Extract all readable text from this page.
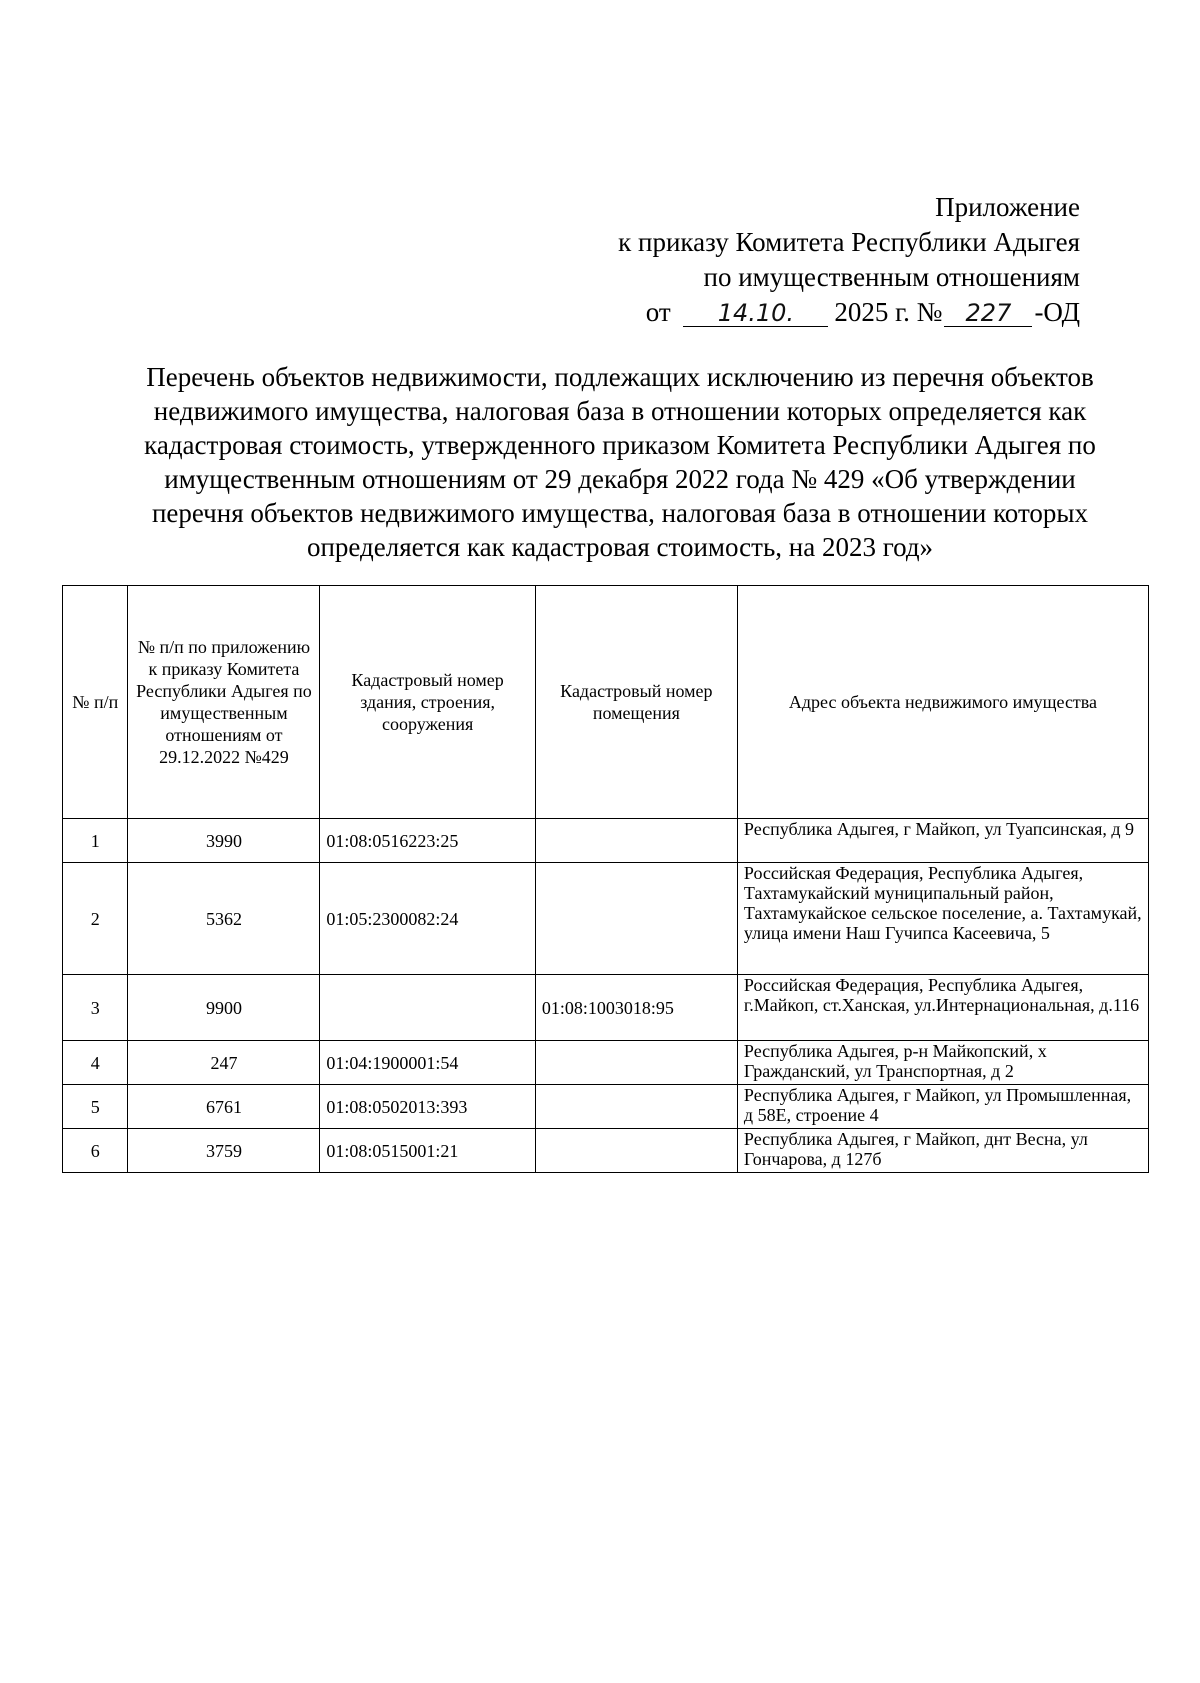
Приложение
к приказу Комитета Республики Адыгея
по имущественным отношениям
от 14.10. 2025 г. № 227 -ОД
Перечень объектов недвижимости, подлежащих исключению из перечня объектов
недвижимого имущества, налоговая база в отношении которых определяется как
кадастровая стоимость, утвержденного приказом Комитета Республики Адыгея по
имущественным отношениям от 29 декабря 2022 года № 429 «Об утверждении
перечня объектов недвижимого имущества, налоговая база в отношении которых
определяется как кадастровая стоимость, на 2023 год»
№ п/п	№ п/п по приложению к приказу Комитета Республики Адыгея по имущественным отношениям от 29.12.2022 №429	Кадастровый номер здания, строения, сооружения	Кадастровый номер помещения	Адрес объекта недвижимого имущества
1	3990	01:08:0516223:25		Республика Адыгея, г Майкоп, ул Туапсинская, д 9
2	5362	01:05:2300082:24		Российская Федерация, Республика Адыгея, Тахтамукайский муниципальный район, Тахтамукайское сельское поселение, а. Тахтамукай, улица имени Наш Гучипса Касеевича, 5
3	9900		01:08:1003018:95	Российская Федерация, Республика Адыгея, г.Майкоп, ст.Ханская, ул.Интернациональная, д.116
4	247	01:04:1900001:54		Республика Адыгея, р-н Майкопский, х Гражданский, ул Транспортная, д 2
5	6761	01:08:0502013:393		Республика Адыгея, г Майкоп, ул Промышленная, д 58Е, строение 4
6	3759	01:08:0515001:21		Республика Адыгея, г Майкоп, днт Весна, ул Гончарова, д 127б
